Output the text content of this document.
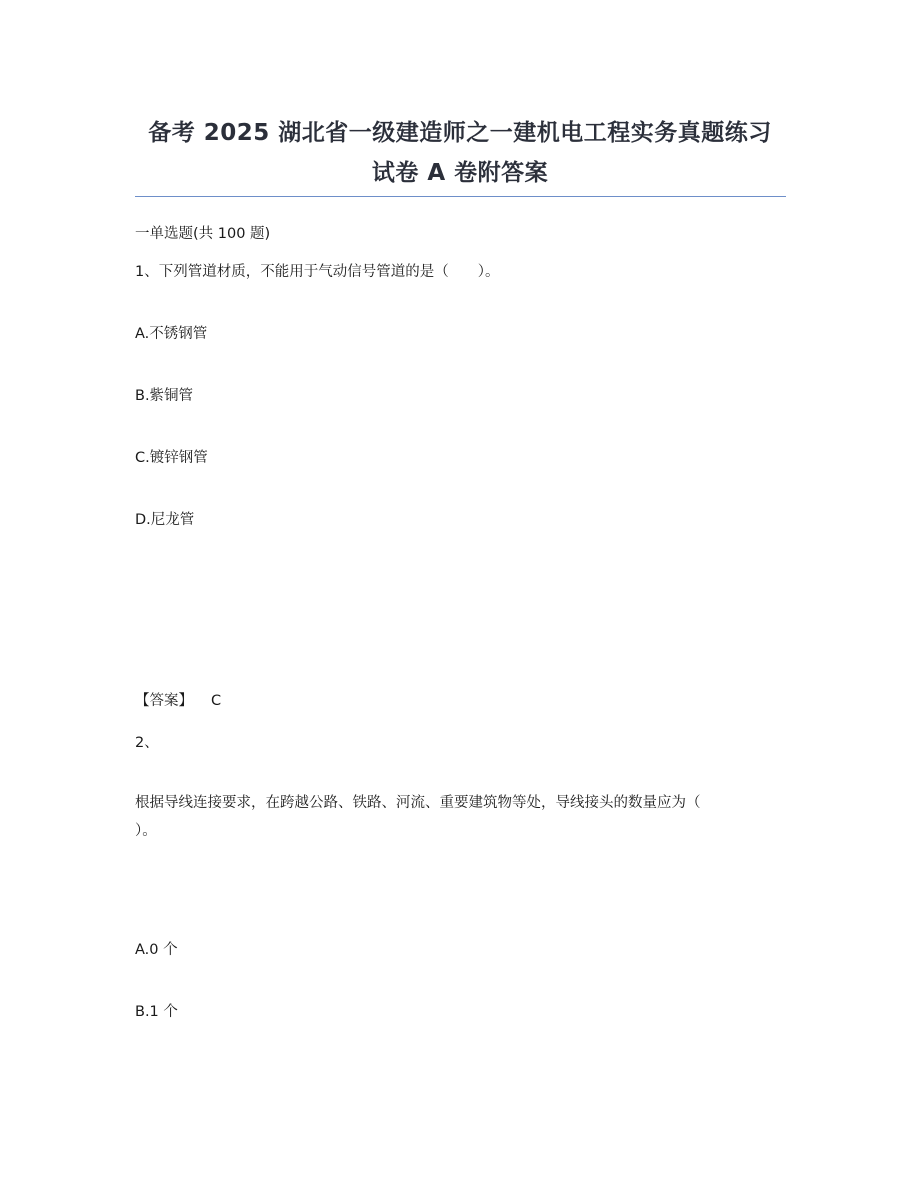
备考 2025 湖北省一级建造师之一建机电工程实务真题练习
试卷 A 卷附答案
一单选题(共 100 题)
1、下列管道材质，不能用于气动信号管道的是（　　）。
A.不锈钢管
B.紫铜管
C.镀锌钢管
D.尼龙管
【答案】 C
2、
根据导线连接要求，在跨越公路、铁路、河流、重要建筑物等处，导线接头的数量应为（
）。
A.0 个
B.1 个
